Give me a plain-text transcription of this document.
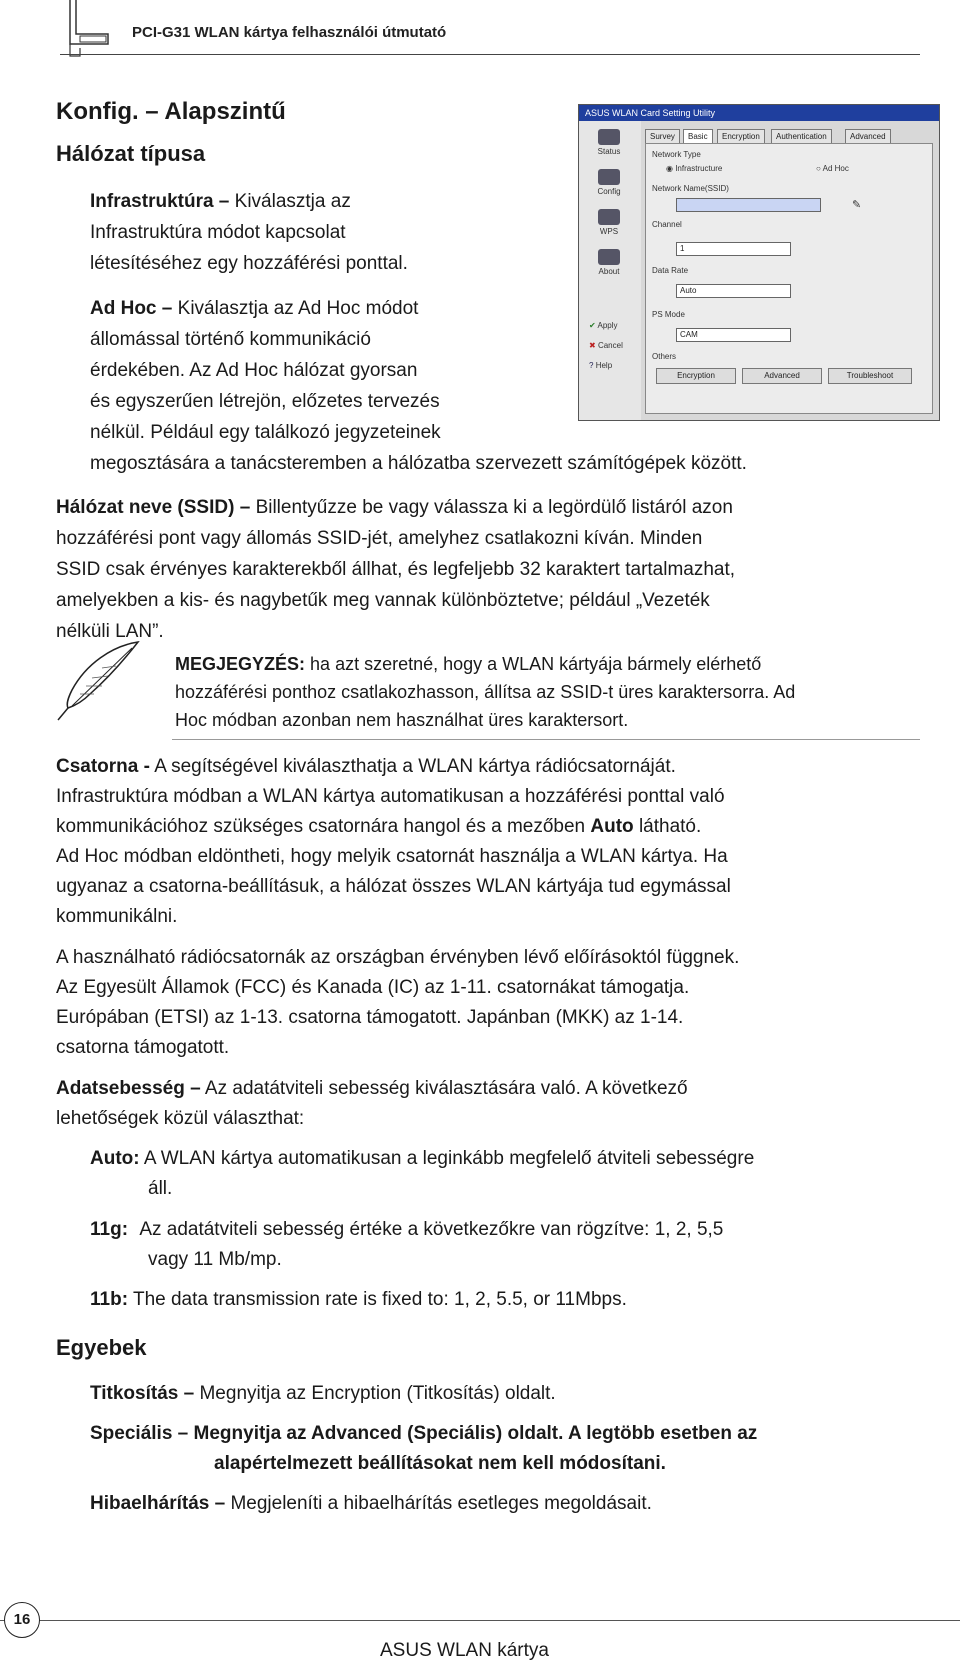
PCI-G31 WLAN kártya felhasználói útmutató
Konfig. – Alapszintű
Hálózat típusa
Infrastruktúra – Kiválasztja az
Infrastruktúra módot kapcsolat
létesítéséhez egy hozzáférési ponttal.
Ad Hoc – Kiválasztja az Ad Hoc módot
állomással történő kommunikáció
érdekében. Az Ad Hoc hálózat gyorsan
és egyszerűen létrejön, előzetes tervezés
nélkül. Például egy találkozó jegyzeteinek
megosztására a tanácsteremben a hálózatba szervezett számítógépek között.
ASUS WLAN Card Setting Utility
Status
Config
WPS
About
✔ Apply
✖ Cancel
? Help
Survey	Basic	Encryption	Authentication	Advanced
Network Type
◉ Infrastructure	○ Ad Hoc
Network Name(SSID)
✎
Channel
1
Data Rate
Auto
PS Mode
CAM
Others
Encryption	Advanced	Troubleshoot
Hálózat neve (SSID) – Billentyűzze be vagy válassza ki a legördülő listáról azon
hozzáférési pont vagy állomás SSID-jét, amelyhez csatlakozni kíván. Minden
SSID csak érvényes karakterekből állhat, és legfeljebb 32 karaktert tartalmazhat,
amelyekben a kis- és nagybetűk meg vannak különböztetve; például „Vezeték
nélküli LAN”.
MEGJEGYZÉS: ha azt szeretné, hogy a WLAN kártyája bármely elérhető
hozzáférési ponthoz csatlakozhasson, állítsa az SSID-t üres karaktersorra. Ad
Hoc módban azonban nem használhat üres karaktersort.
Csatorna - A segítségével kiválaszthatja a WLAN kártya rádiócsatornáját.
Infrastruktúra módban a WLAN kártya automatikusan a hozzáférési ponttal való
kommunikációhoz szükséges csatornára hangol és a mezőben Auto látható.
Ad Hoc módban eldöntheti, hogy melyik csatornát használja a WLAN kártya. Ha
ugyanaz a csatorna-beállításuk, a hálózat összes WLAN kártyája tud egymással
kommunikálni.
A használható rádiócsatornák az országban érvényben lévő előírásoktól függnek.
Az Egyesült Államok (FCC) és Kanada (IC) az 1-11. csatornákat támogatja.
Európában (ETSI) az 1-13. csatorna támogatott. Japánban (MKK) az 1-14.
csatorna támogatott.
Adatsebesség – Az adatátviteli sebesség kiválasztására való. A következő
lehetőségek közül választhat:
Auto: A WLAN kártya automatikusan a leginkább megfelelő átviteli sebességre
áll.
11g: Az adatátviteli sebesség értéke a következőkre van rögzítve: 1, 2, 5,5
vagy 11 Mb/mp.
11b: The data transmission rate is fixed to: 1, 2, 5.5, or 11Mbps.
Egyebek
Titkosítás – Megnyitja az Encryption (Titkosítás) oldalt.
Speciális – Megnyitja az Advanced (Speciális) oldalt. A legtöbb esetben az
alapértelmezett beállításokat nem kell módosítani.
Hibaelhárítás – Megjeleníti a hibaelhárítás esetleges megoldásait.
16
ASUS WLAN kártya
